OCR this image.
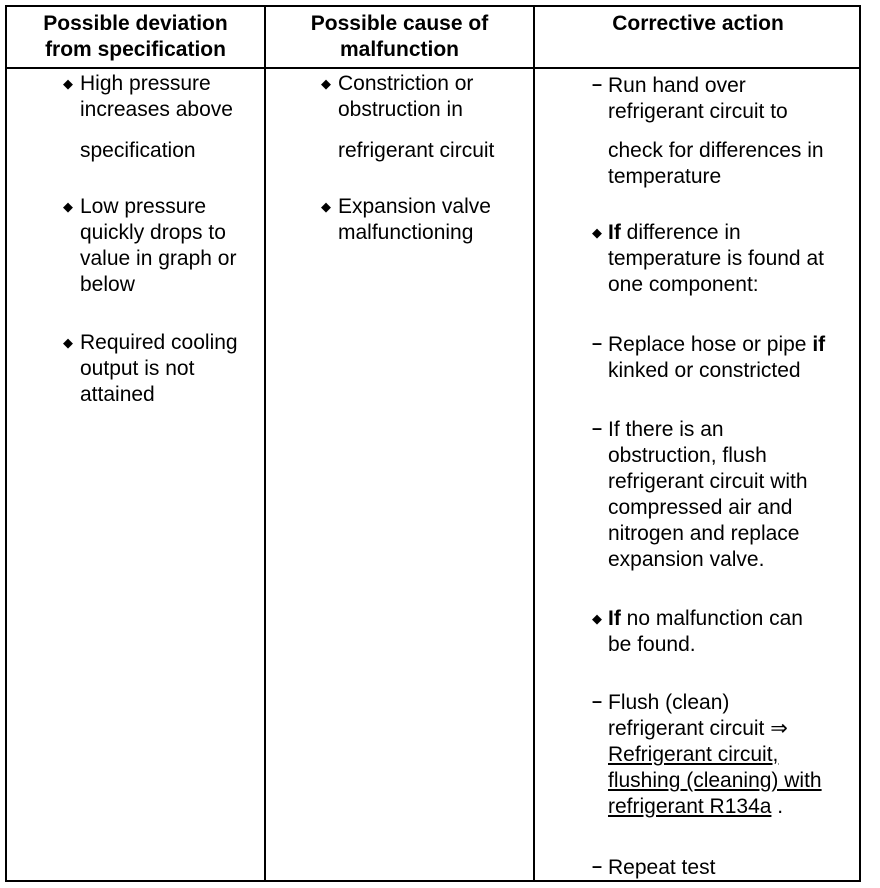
Possible deviation
from specification
Possible cause of
malfunction
Corrective action
◆ High pressure
increases above
specification
◆ Low pressure
quickly drops to
value in graph or
below
◆ Required cooling
output is not
attained
◆ Constriction or
obstruction in
refrigerant circuit
◆ Expansion valve
malfunctioning
– Run hand over
refrigerant circuit to
check for differences in
temperature
◆ If difference in
temperature is found at
one component:
– Replace hose or pipe if
kinked or constricted
– If there is an
obstruction, flush
refrigerant circuit with
compressed air and
nitrogen and replace
expansion valve.
◆ If no malfunction can
be found.
– Flush (clean)
refrigerant circuit ⇒
Refrigerant circuit,
flushing (cleaning) with
refrigerant R134a .
– Repeat test
